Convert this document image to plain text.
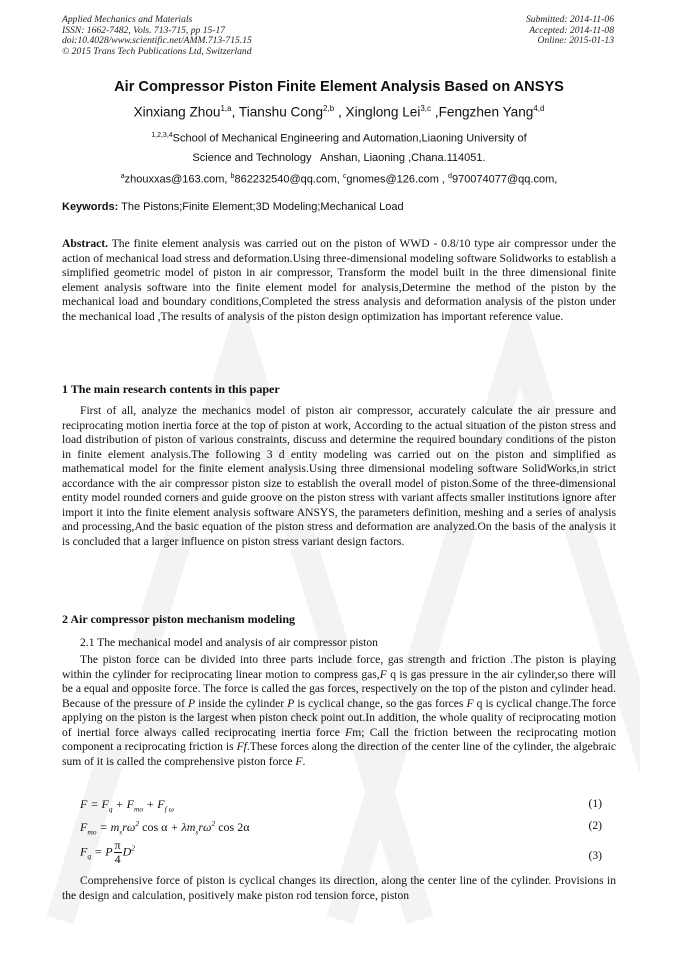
Applied Mechanics and Materials
ISSN: 1662-7482, Vols. 713-715, pp 15-17
doi:10.4028/www.scientific.net/AMM.713-715.15
© 2015 Trans Tech Publications Ltd, Switzerland
Submitted: 2014-11-06
Accepted: 2014-11-08
Online: 2015-01-13
Air Compressor Piston Finite Element Analysis Based on ANSYS
Xinxiang Zhou$^{1,a}$, Tianshu Cong$^{2,b}$ , Xinglong Lei$^{3,c}$ ,Fengzhen Yang$^{4,d}$
$^{1,2,3,4}$School of Mechanical Engineering and Automation,Liaoning University of
Science and Technology   Anshan, Liaoning ,Chana.114051.
$^a$zhouxxas@163.com, $^b$862232540@qq.com, $^c$gnomes@126.com , $^d$970074077@qq.com,
Keywords: The Pistons;Finite Element;3D Modeling;Mechanical Load
Abstract. The finite element analysis was carried out on the piston of WWD - 0.8/10 type air compressor under the action of mechanical load stress and deformation.Using three-dimensional modeling software Solidworks to establish a simplified geometric model of piston in air compressor, Transform the model built in the three dimensional finite element analysis software into the finite element model for analysis,Determine the method of the piston by the mechanical load and boundary conditions,Completed the stress analysis and deformation analysis of the piston under the mechanical load ,The results of analysis of the piston design optimization has important reference value.
1 The main research contents in this paper
First of all, analyze the mechanics model of piston air compressor, accurately calculate the air pressure and reciprocating motion inertia force at the top of piston at work, According to the actual situation of the piston stress and load distribution of piston of various constraints, discuss and determine the required boundary conditions of the piston in finite element analysis.The following 3 d entity modeling was carried out on the piston and simplified as mathematical model for the finite element analysis.Using three dimensional modeling software SolidWorks,in strict accordance with the air compressor piston size to establish the overall model of piston.Some of the three-dimensional entity model rounded corners and guide groove on the piston stress with variant affects smaller institutions ignore after import it into the finite element analysis software ANSYS, the parameters definition, meshing and a series of analysis and processing,And the basic equation of the piston stress and deformation are analyzed.On the basis of the analysis it is concluded that a larger influence on piston stress variant design factors.
2 Air compressor piston mechanism modeling
2.1 The mechanical model and analysis of air compressor piston
The piston force can be divided into three parts include force, gas strength and friction .The piston is playing within the cylinder for reciprocating linear motion to compress gas,F q is gas pressure in the air cylinder,so there will be a equal and opposite force. The force is called the gas forces, respectively on the top of the piston and cylinder head. Because of the pressure of P inside the cylinder P is cyclical change, so the gas forces F q is cyclical change.The force applying on the piston is the largest when piston check point out.In addition, the whole quality of reciprocating motion of inertial force always called reciprocating inertia force Fm; Call the friction between the reciprocating motion component a reciprocating friction is Ff.These forces along the direction of the center line of the cylinder, the algebraic sum of it is called the comprehensive piston force F.
$F = F_q + F_{mo} + F_{f \omega}$	(1)
$F_{mo} = m_sr\omega^2$ $\cos \alpha + \lambda m_sr\omega^2$ cos 2α	(2)
$F_q = P \frac{\pi}{4} D^2$
(3)
Comprehensive force of piston is cyclical changes its direction, along the center line of the cylinder. Provisions in the design and calculation, positively make piston rod tension force, piston
